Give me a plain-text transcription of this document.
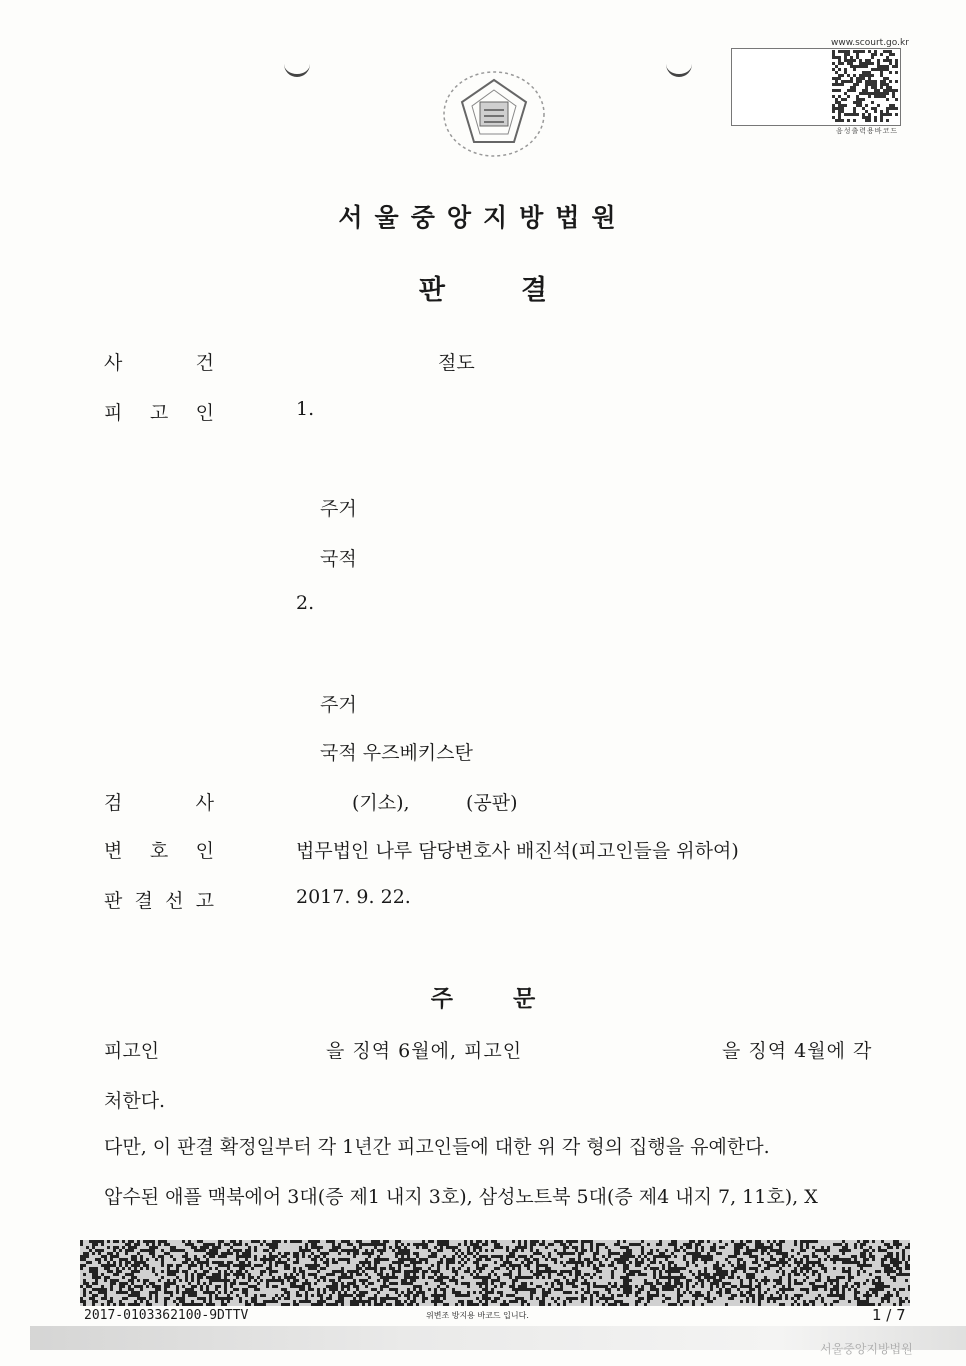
www.scourt.go.kr
음성출력용바코드
서울중앙지방법원
판	결
사	건	절도
피 고 인	1.
주거
국적
2.
주거
국적 우즈베키스탄
검	사	(기소),	(공판)
변 호 인	법무법인 나루 담당변호사 배진석(피고인들을 위하여)
판 결 선 고	2017. 9. 22.
주	문
피고인	을 징역 6월에, 피고인	을 징역 4월에 각
처한다.
다만, 이 판결 확정일부터 각 1년간 피고인들에 대한 위 각 형의 집행을 유예한다.
압수된 애플 맥북에어 3대(증 제1 내지 3호), 삼성노트북 5대(증 제4 내지 7, 11호), X
2017-0103362100-9DTTV	위변조 방지용 바코드 입니다.	1 / 7
서울중앙지방법원
